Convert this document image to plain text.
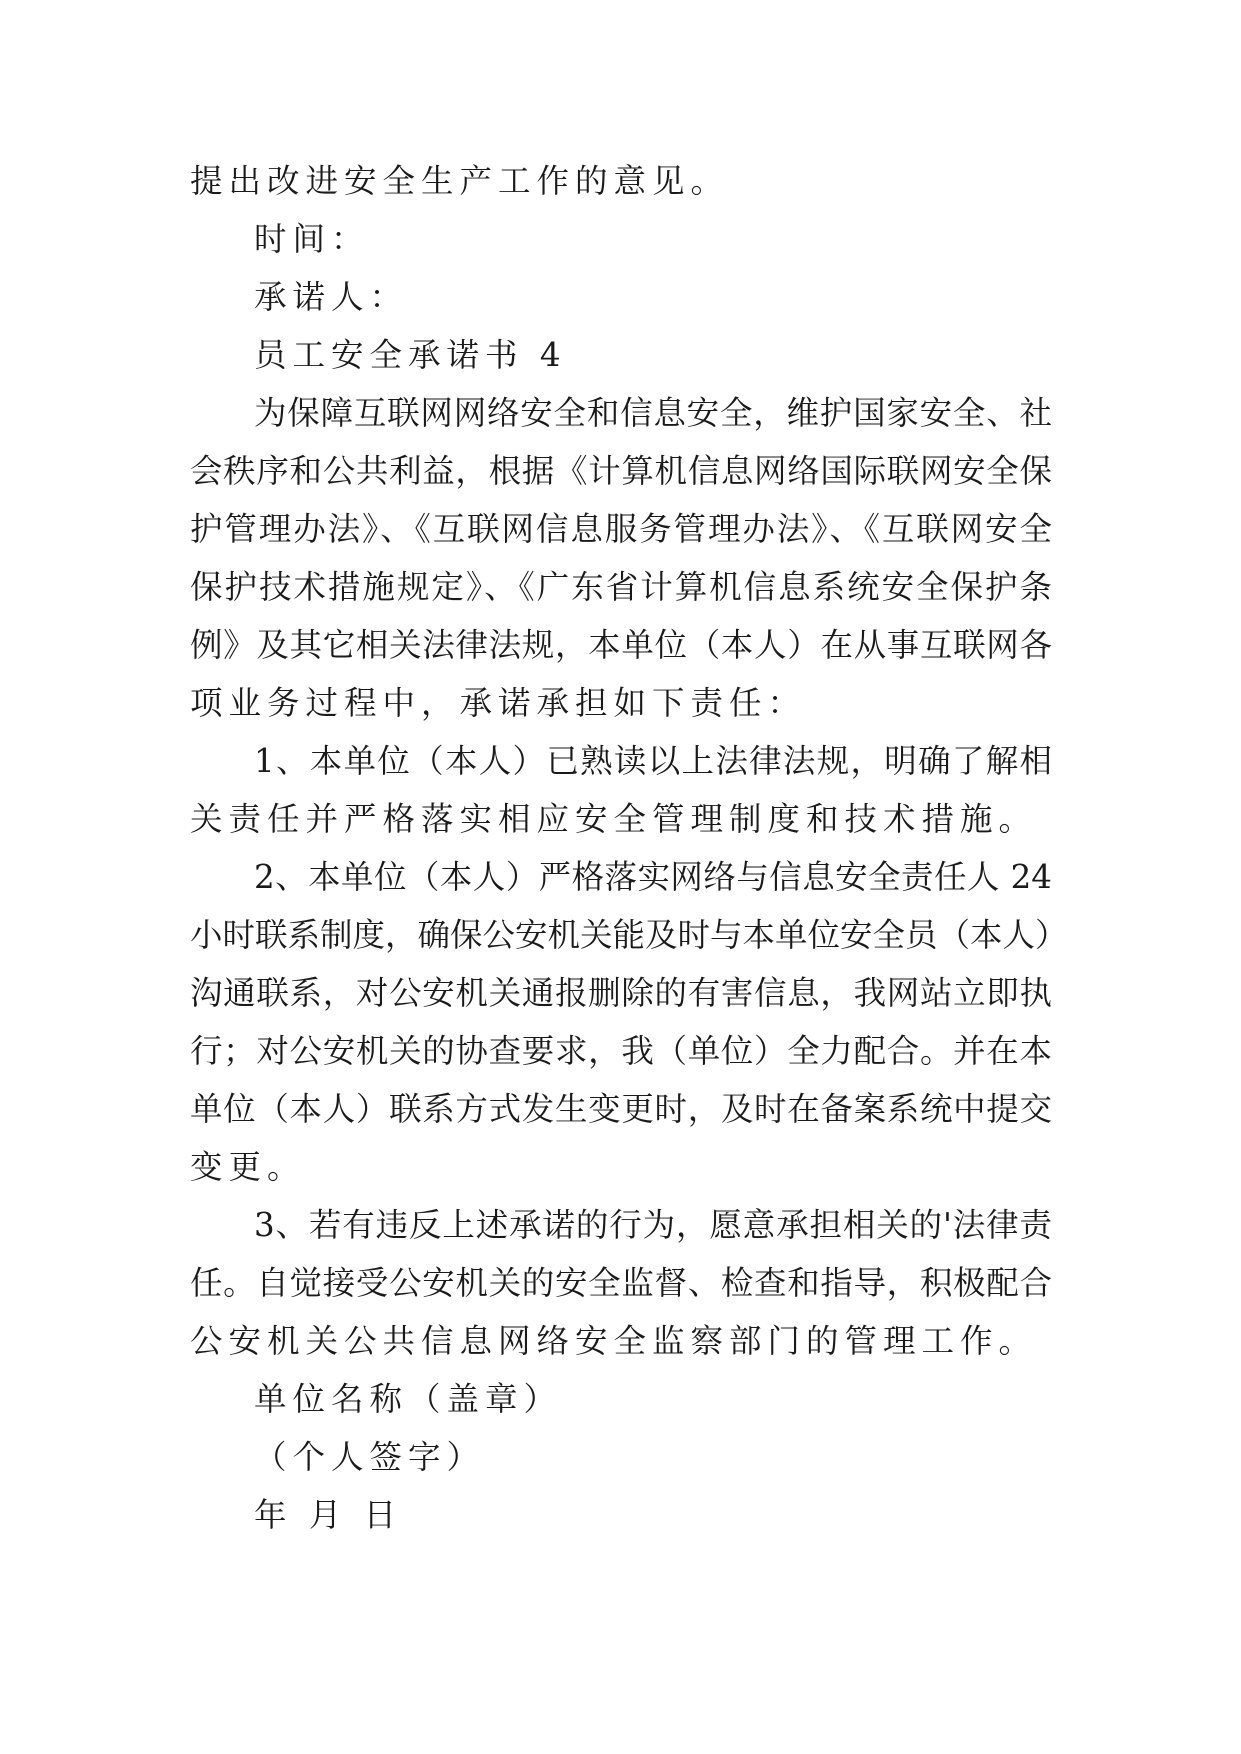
提出改进安全生产工作的意见。
时间：
承诺人：
员工安全承诺书 4
为保障互联网网络安全和信息安全，维护国家安全、社
会秩序和公共利益，根据《计算机信息网络国际联网安全保
护管理办法》、《互联网信息服务管理办法》、《互联网安全
保护技术措施规定》、《广东省计算机信息系统安全保护条
例》及其它相关法律法规，本单位（本人）在从事互联网各
项业务过程中，承诺承担如下责任：
1、本单位（本人）已熟读以上法律法规，明确了解相
关责任并严格落实相应安全管理制度和技术措施。
2、本单位（本人）严格落实网络与信息安全责任人 24
小时联系制度，确保公安机关能及时与本单位安全员（本人）
沟通联系，对公安机关通报删除的有害信息，我网站立即执
行；对公安机关的协查要求，我（单位）全力配合。并在本
单位（本人）联系方式发生变更时，及时在备案系统中提交
变更。
3、若有违反上述承诺的行为，愿意承担相关的'法律责
任。自觉接受公安机关的安全监督、检查和指导，积极配合
公安机关公共信息网络安全监察部门的管理工作。
单位名称（盖章）
（个人签字）
年 月 日
